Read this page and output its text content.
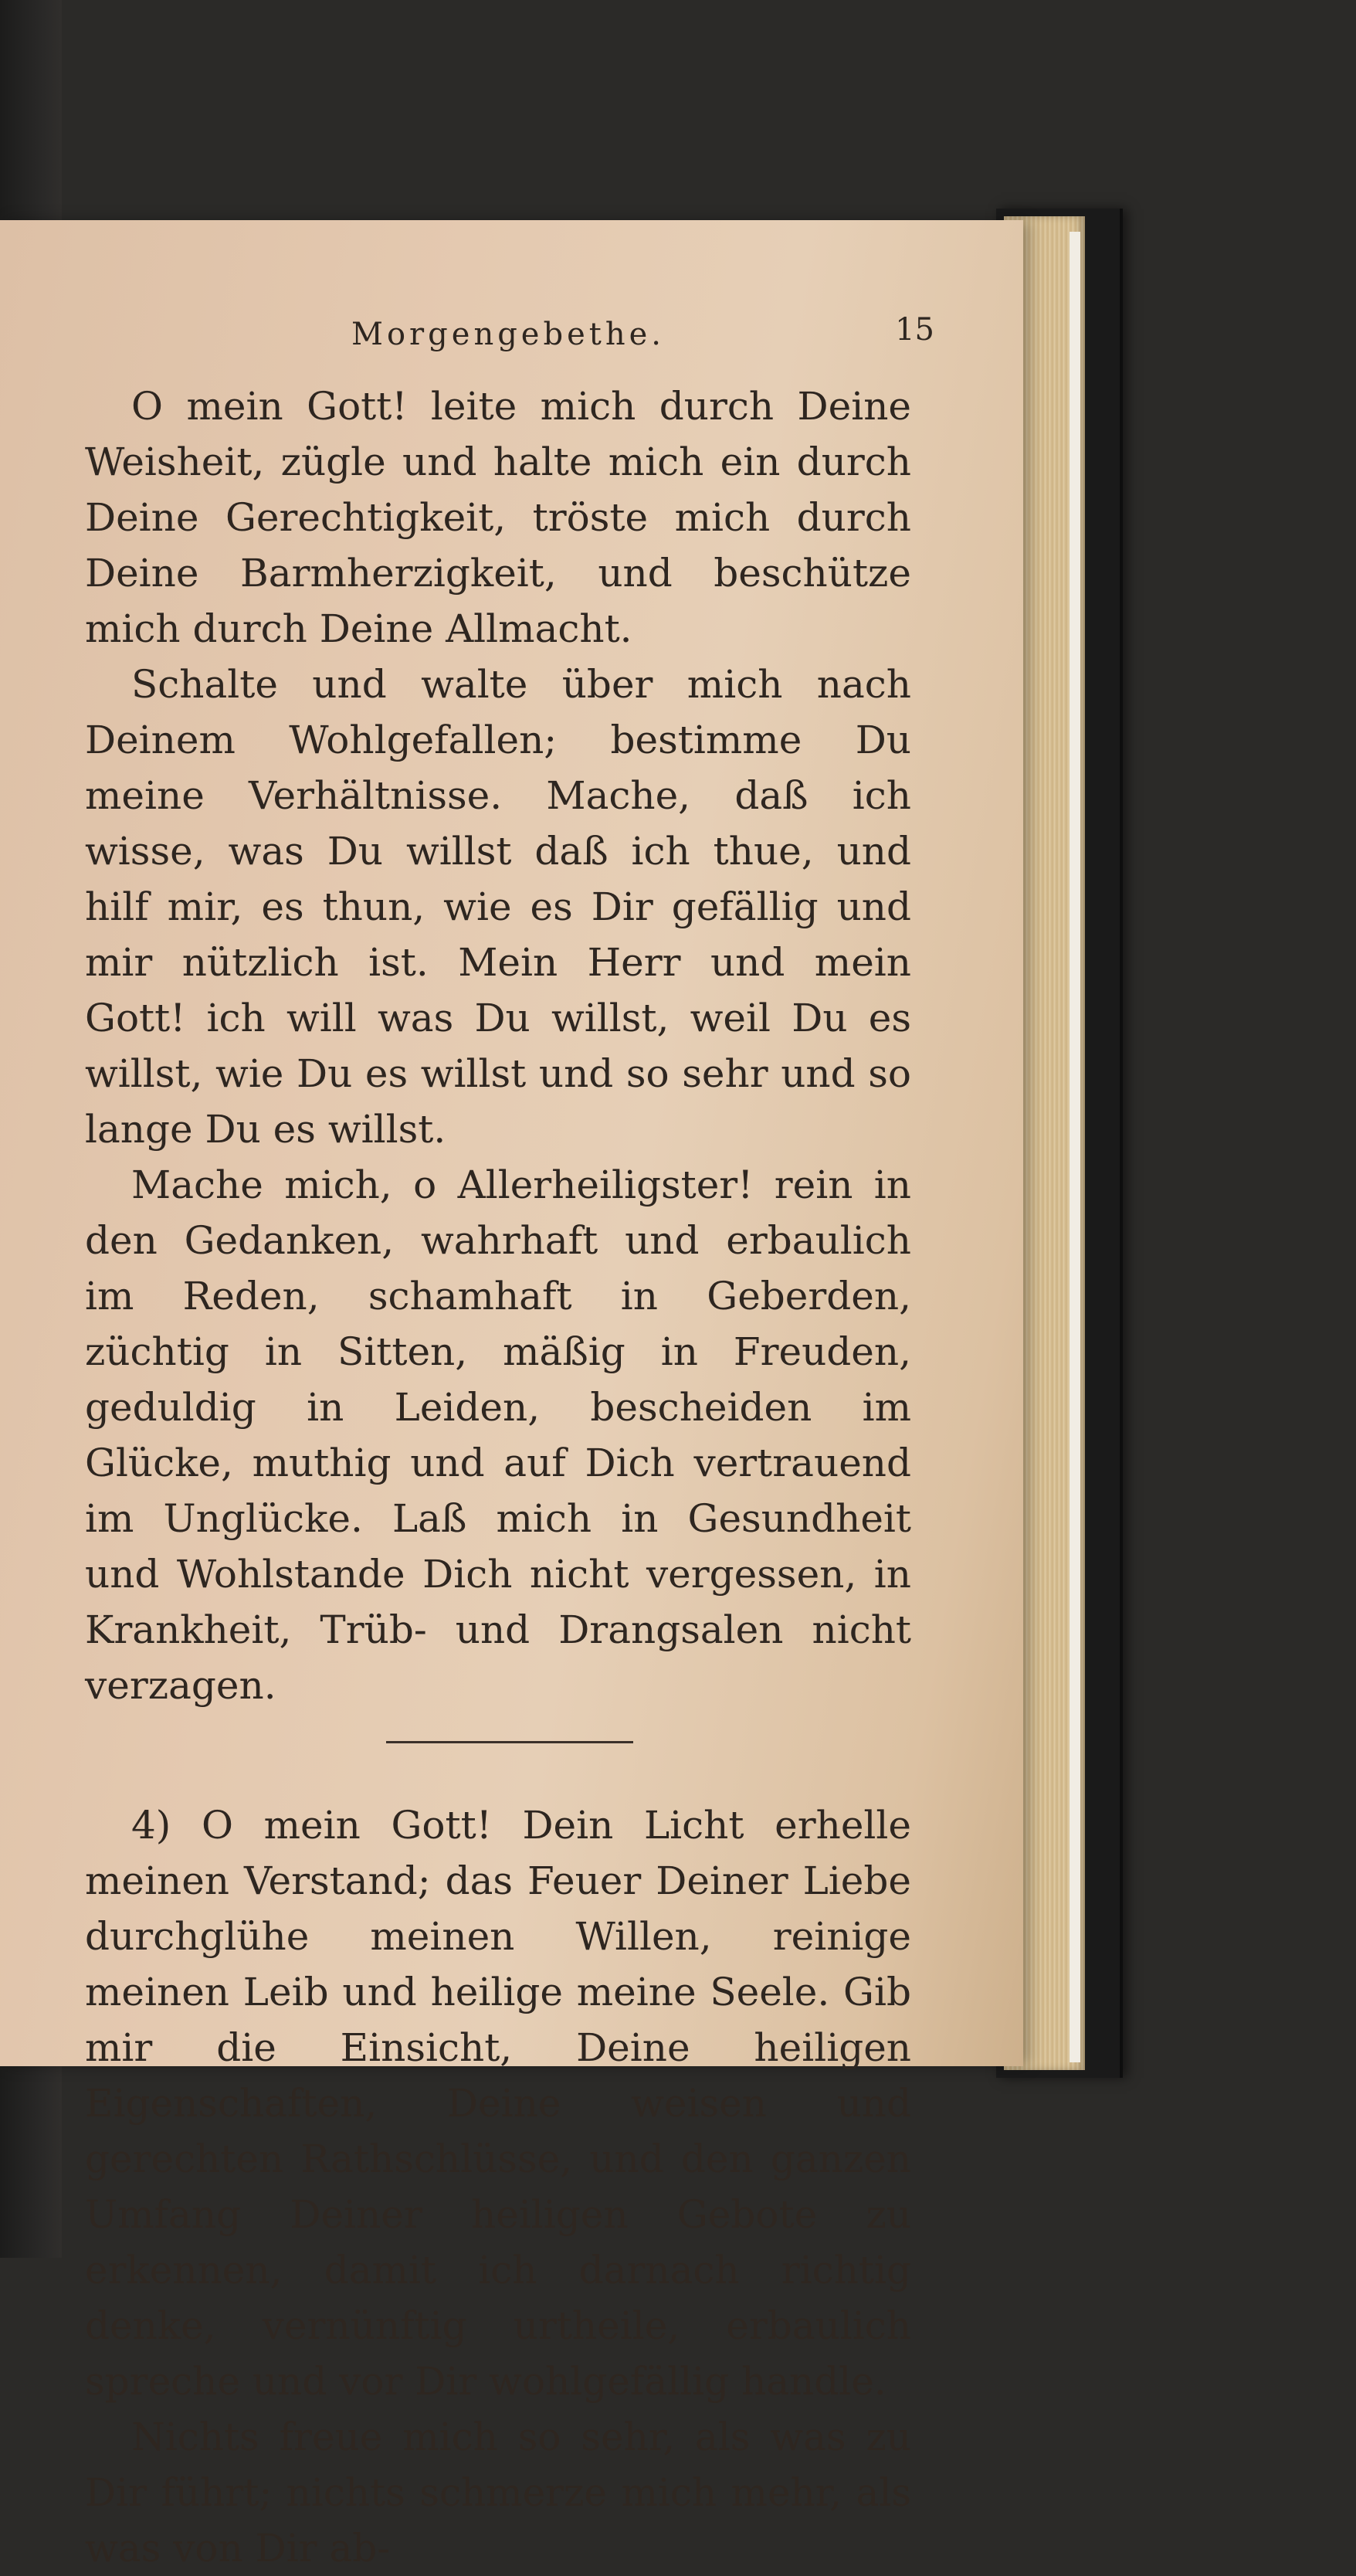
Morgengebethe.	15

O mein Gott! leite mich durch Deine Weisheit, zügle und halte mich ein durch Deine Gerechtigkeit, tröste mich durch Deine Barmherzigkeit, und beschütze mich durch Deine Allmacht.

Schalte und walte über mich nach Deinem Wohlgefallen; bestimme Du meine Verhältnisse. Mache, daß ich wisse, was Du willst daß ich thue, und hilf mir, es thun, wie es Dir gefällig und mir nützlich ist. Mein Herr und mein Gott! ich will was Du willst, weil Du es willst, wie Du es willst und so sehr und so lange Du es willst.

Mache mich, o Allerheiligster! rein in den Gedanken, wahrhaft und erbaulich im Reden, schamhaft in Geberden, züchtig in Sitten, mäßig in Freuden, geduldig in Leiden, bescheiden im Glücke, muthig und auf Dich vertrauend im Unglücke. Laß mich in Gesundheit und Wohlstande Dich nicht vergessen, in Krankheit, Trüb- und Drangsalen nicht verzagen.

4) O mein Gott! Dein Licht erhelle meinen Verstand; das Feuer Deiner Liebe durchglühe meinen Willen, reinige meinen Leib und heilige meine Seele. Gib mir die Einsicht, Deine heiligen Eigenschaften, Deine weisen und gerechten Rathschlüsse, und den ganzen Umfang Deiner heiligen Gebote zu erkennen, damit ich darnach richtig denke, vernünftig urtheile, erbaulich spreche und vor Dir wohlgefällig handle.

Nichts freue mich so sehr, als was zu Dir führt; nichts schmerze mich mehr, als was von Dir ab-
